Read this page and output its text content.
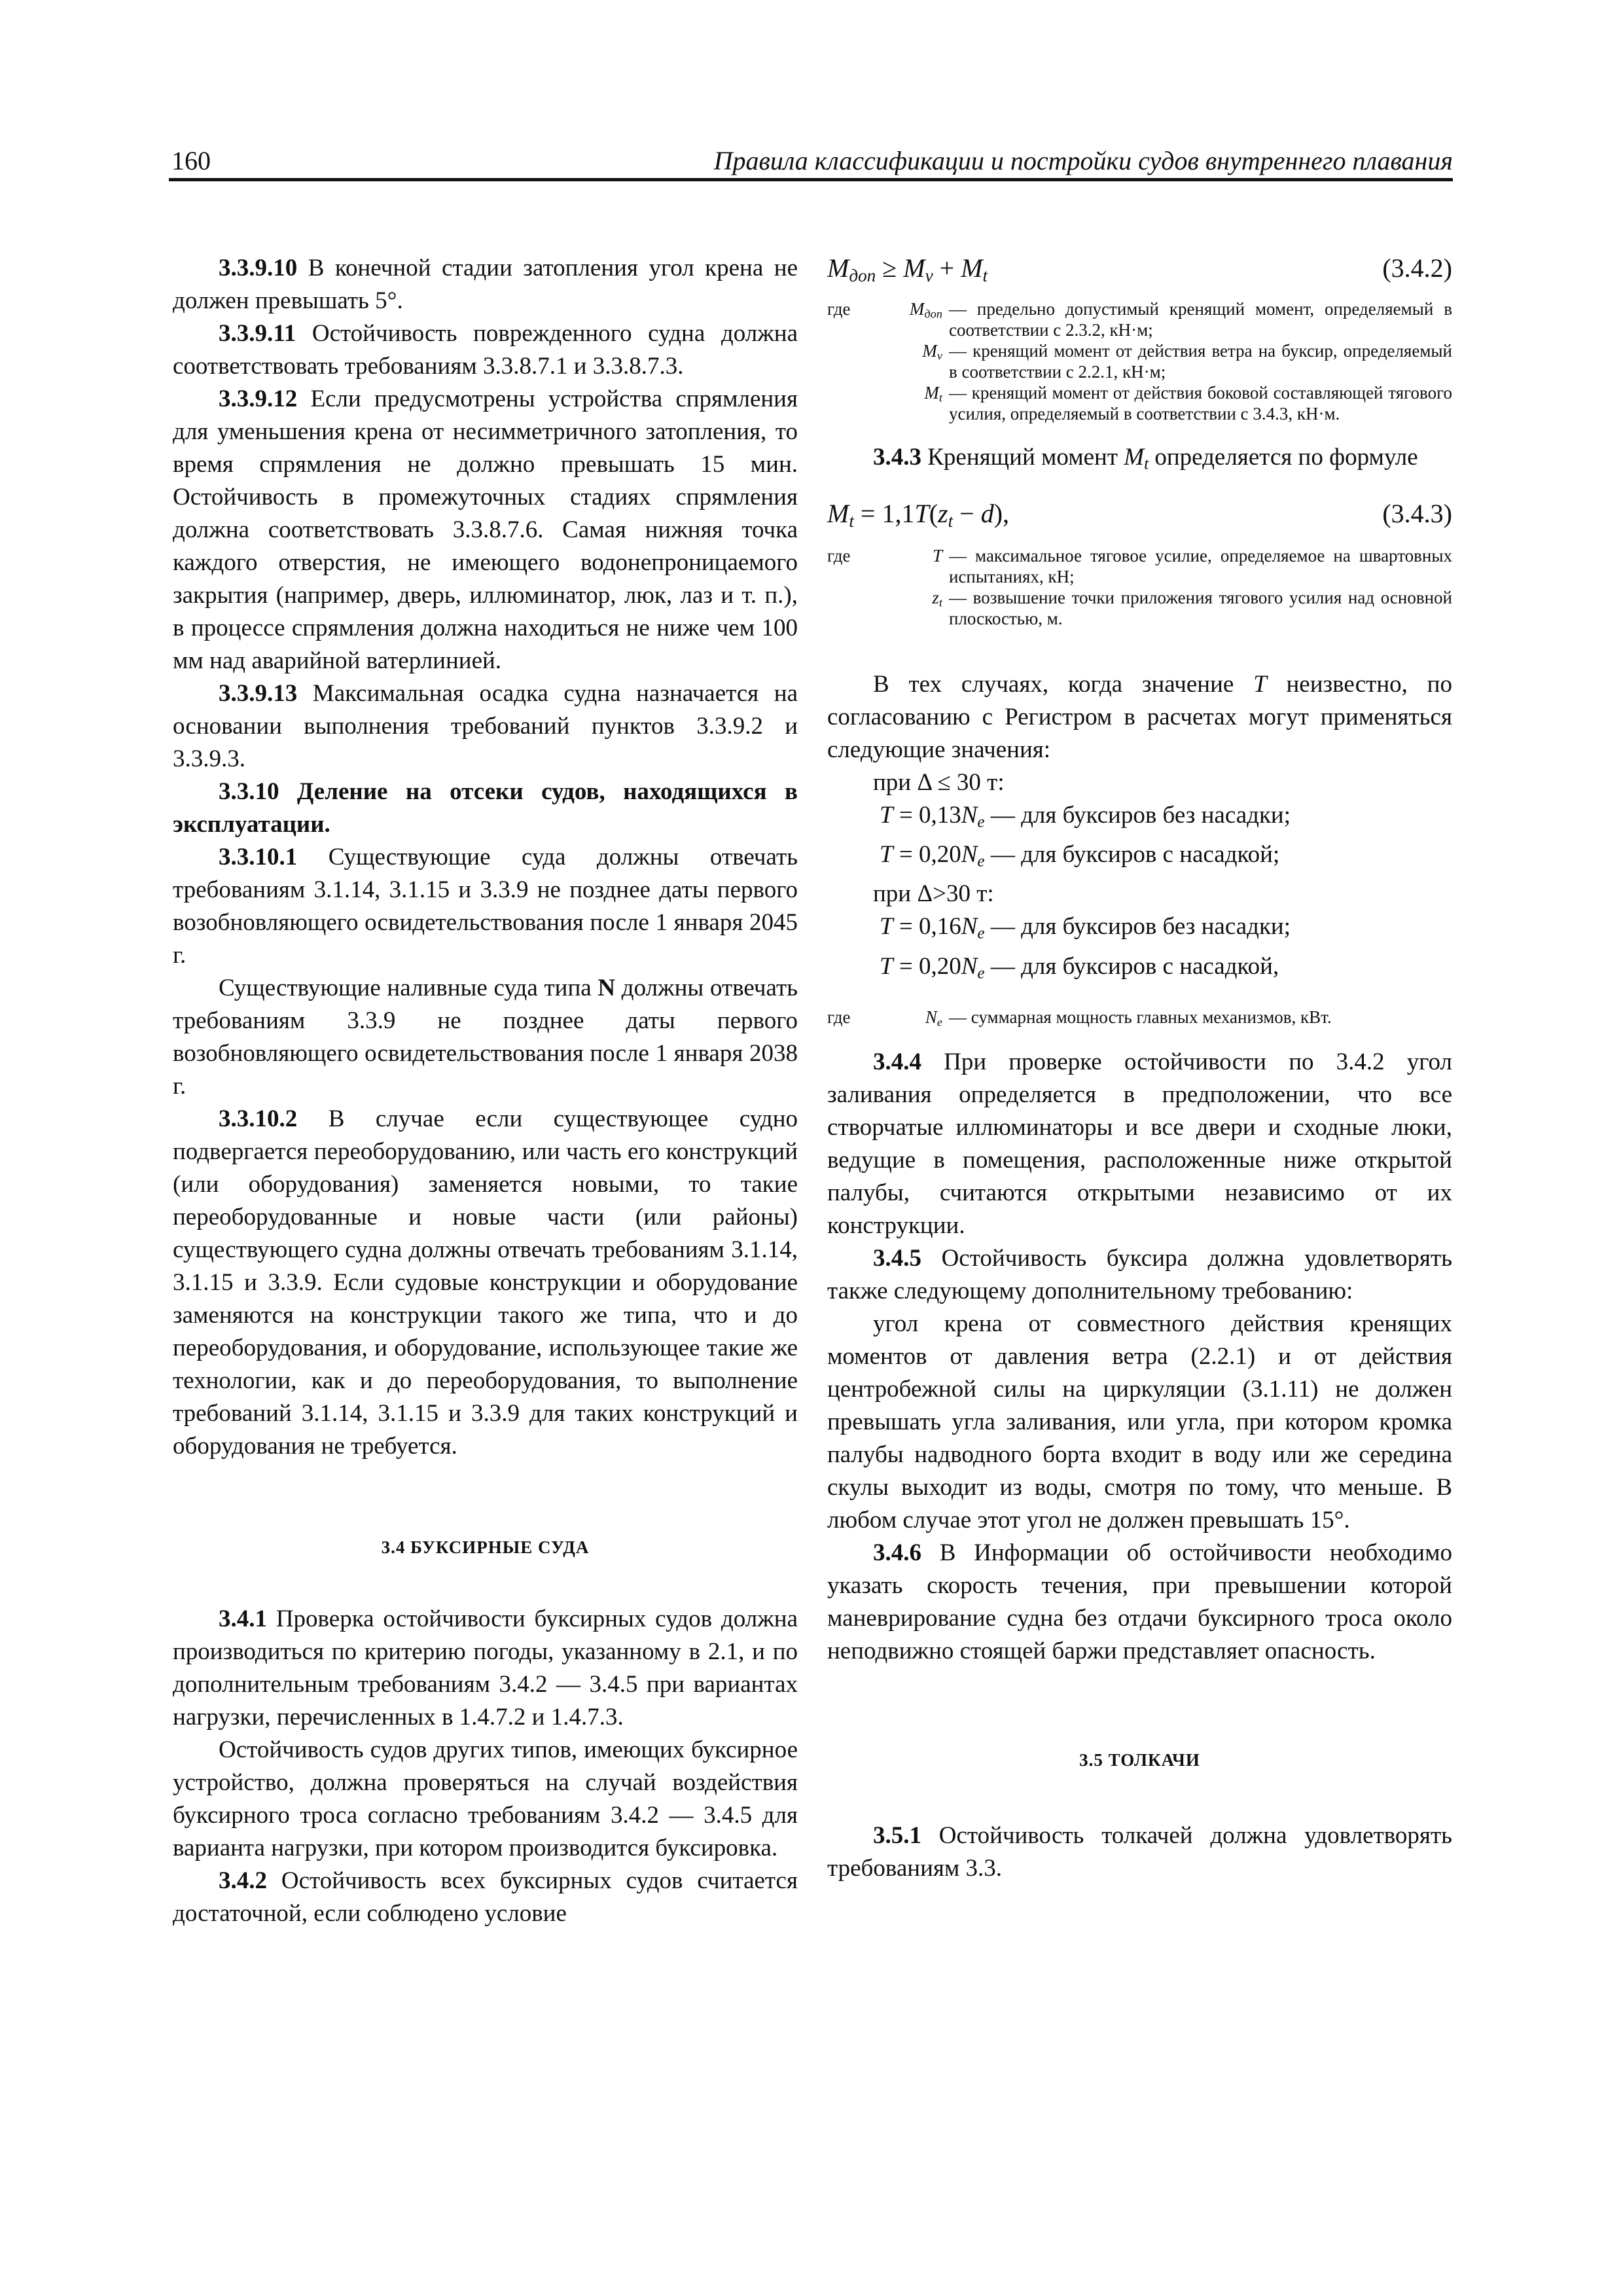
160	Правила классификации и постройки судов внутреннего плавания

3.3.9.10 В конечной стадии затопления угол крена не должен превышать 5°.

3.3.9.11 Остойчивость поврежденного судна должна соответствовать требованиям 3.3.8.7.1 и 3.3.8.7.3.

3.3.9.12 Если предусмотрены устройства спрямления для уменьшения крена от несимметричного затопления, то время спрямления не должно превышать 15 мин. Остойчивость в промежуточных стадиях спрямления должна соответствовать 3.3.8.7.6. Самая нижняя точка каждого отверстия, не имеющего водонепроницаемого закрытия (например, дверь, иллюминатор, люк, лаз и т. п.), в процессе спрямления должна находиться не ниже чем 100 мм над аварийной ватерлинией.

3.3.9.13 Максимальная осадка судна назначается на основании выполнения требований пунктов 3.3.9.2 и 3.3.9.3.

3.3.10 Деление на отсеки судов, находящихся в эксплуатации.

3.3.10.1 Существующие суда должны отвечать требованиям 3.1.14, 3.1.15 и 3.3.9 не позднее даты первого возобновляющего освидетельствования после 1 января 2045 г.

Существующие наливные суда типа N должны отвечать требованиям 3.3.9 не позднее даты первого возобновляющего освидетельствования после 1 января 2038 г.

3.3.10.2 В случае если существующее судно подвергается переоборудованию, или часть его конструкций (или оборудования) заменяется новыми, то такие переоборудованные и новые части (или районы) существующего судна должны отвечать требованиям 3.1.14, 3.1.15 и 3.3.9. Если судовые конструкции и оборудование заменяются на конструкции такого же типа, что и до переоборудования, и оборудование, использующее такие же технологии, как и до переоборудования, то выполнение требований 3.1.14, 3.1.15 и 3.3.9 для таких конструкций и оборудования не требуется.

3.4 БУКСИРНЫЕ СУДА

3.4.1 Проверка остойчивости буксирных судов должна производиться по критерию погоды, указанному в 2.1, и по дополнительным требованиям 3.4.2 — 3.4.5 при вариантах нагрузки, перечисленных в 1.4.7.2 и 1.4.7.3.

Остойчивость судов других типов, имеющих буксирное устройство, должна проверяться на случай воздействия буксирного троса согласно требованиям 3.4.2 — 3.4.5 для варианта нагрузки, при котором производится буксировка.

3.4.2 Остойчивость всех буксирных судов считается достаточной, если соблюдено условие

$M_{доп} \ge M_v + M_t$	(3.4.2)
где	$M_{доп}$	— предельно допустимый кренящий момент, определяемый в соответствии с 2.3.2, кН·м;
	$M_v$	— кренящий момент от действия ветра на буксир, определяемый в соответствии с 2.2.1, кН·м;
	$M_t$	— кренящий момент от действия боковой составляющей тягового усилия, определяемый в соответствии с 3.4.3, кН·м.

3.4.3 Кренящий момент $M_t$ определяется по формуле

$M_t = 1,1T(z_t - d)$,	(3.4.3)
где	T	— максимальное тяговое усилие, определяемое на швартовных испытаниях, кН;
	$z_t$	— возвышение точки приложения тягового усилия над основной плоскостью, м.

В тех случаях, когда значение T неизвестно, по согласованию с Регистром в расчетах могут применяться следующие значения:

при Δ ≤ 30 т:

$T = 0,13N_e$ — для буксиров без насадки;

$T = 0,20N_e$ — для буксиров с насадкой;

при Δ>30 т:

$T = 0,16N_e$ — для буксиров без насадки;

$T = 0,20N_e$ — для буксиров с насадкой,

где	$N_e$	— суммарная мощность главных механизмов, кВт.

3.4.4 При проверке остойчивости по 3.4.2 угол заливания определяется в предположении, что все створчатые иллюминаторы и все двери и сходные люки, ведущие в помещения, расположенные ниже открытой палубы, считаются открытыми независимо от их конструкции.

3.4.5 Остойчивость буксира должна удовлетворять также следующему дополнительному требованию:

угол крена от совместного действия кренящих моментов от давления ветра (2.2.1) и от действия центробежной силы на циркуляции (3.1.11) не должен превышать угла заливания, или угла, при котором кромка палубы надводного борта входит в воду или же середина скулы выходит из воды, смотря по тому, что меньше. В любом случае этот угол не должен превышать 15°.

3.4.6 В Информации об остойчивости необходимо указать скорость течения, при превышении которой маневрирование судна без отдачи буксирного троса около неподвижно стоящей баржи представляет опасность.

3.5 ТОЛКАЧИ

3.5.1 Остойчивость толкачей должна удовлетворять требованиям 3.3.
